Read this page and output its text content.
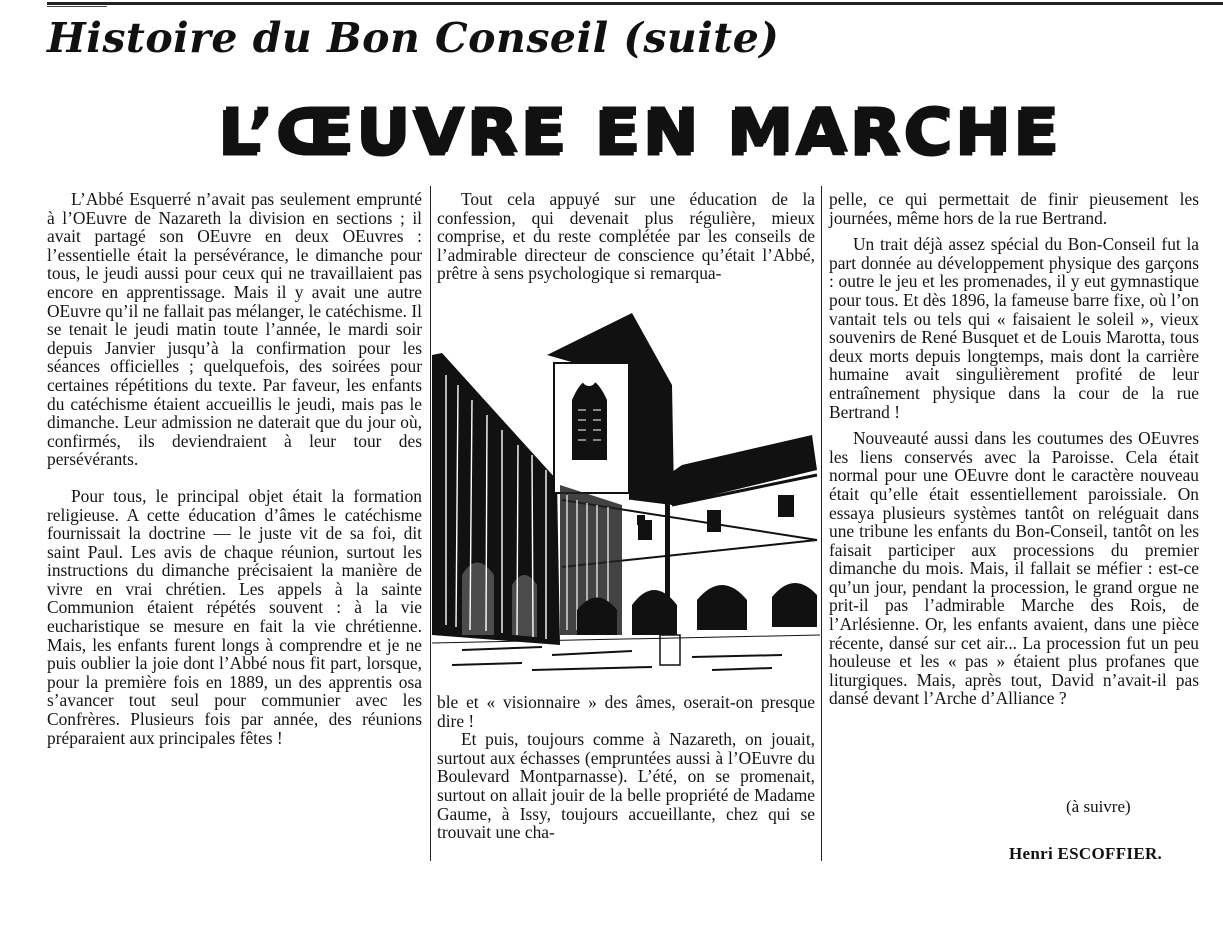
Histoire du Bon Conseil (suite)
L’ŒUVRE EN MARCHE

L’Abbé Esquerré n’avait pas seulement emprunté à l’OEuvre de Nazareth la division en sections ; il avait partagé son OEuvre en deux OEuvres : l’essentielle était la persévérance, le dimanche pour tous, le jeudi aussi pour ceux qui ne travaillaient pas encore en apprentissage. Mais il y avait une autre OEuvre qu’il ne fallait pas mélanger, le catéchisme. Il se tenait le jeudi matin toute l’année, le mardi soir depuis Janvier jusqu’à la confirmation pour les séances officielles ; quelquefois, des soirées pour certaines répétitions du texte. Par faveur, les enfants du catéchisme étaient accueillis le jeudi, mais pas le dimanche. Leur admission ne daterait que du jour où, confirmés, ils deviendraient à leur tour des persévérants.

Pour tous, le principal objet était la formation religieuse. A cette éducation d’âmes le catéchisme fournissait la doctrine — le juste vit de sa foi, dit saint Paul. Les avis de chaque réunion, surtout les instructions du dimanche précisaient la manière de vivre en vrai chrétien. Les appels à la sainte Communion étaient répétés souvent : à la vie eucharistique se mesure en fait la vie chrétienne. Mais, les enfants furent longs à comprendre et je ne puis oublier la joie dont l’Abbé nous fit part, lorsque, pour la première fois en 1889, un des apprentis osa s’avancer tout seul pour communier avec les Confrères. Plusieurs fois par année, des réunions préparaient aux principales fêtes !

Tout cela appuyé sur une éducation de la confession, qui devenait plus régulière, mieux comprise, et du reste complétée par les conseils de l’admirable directeur de conscience qu’était l’Abbé, prêtre à sens psychologique si remarqua-

ble et « visionnaire » des âmes, oserait-on presque dire !

Et puis, toujours comme à Nazareth, on jouait, surtout aux échasses (empruntées aussi à l’OEuvre du Boulevard Montparnasse). L’été, on se promenait, surtout on allait jouir de la belle propriété de Madame Gaume, à Issy, toujours accueillante, chez qui se trouvait une cha-

pelle, ce qui permettait de finir pieusement les journées, même hors de la rue Bertrand.

Un trait déjà assez spécial du Bon-Conseil fut la part donnée au développement physique des garçons : outre le jeu et les promenades, il y eut gymnastique pour tous. Et dès 1896, la fameuse barre fixe, où l’on vantait tels ou tels qui « faisaient le soleil », vieux souvenirs de René Busquet et de Louis Marotta, tous deux morts depuis longtemps, mais dont la carrière humaine avait singulièrement profité de leur entraînement physique dans la cour de la rue Bertrand !

Nouveauté aussi dans les coutumes des OEuvres les liens conservés avec la Paroisse. Cela était normal pour une OEuvre dont le caractère nouveau était qu’elle était essentiellement paroissiale. On essaya plusieurs systèmes tantôt on reléguait dans une tribune les enfants du Bon-Conseil, tantôt on les faisait participer aux processions du premier dimanche du mois. Mais, il fallait se méfier : est-ce qu’un jour, pendant la procession, le grand orgue ne prit-il pas l’admirable Marche des Rois, de l’Arlésienne. Or, les enfants avaient, dans une pièce récente, dansé sur cet air... La procession fut un peu houleuse et les « pas » étaient plus profanes que liturgiques. Mais, après tout, David n’avait-il pas dansé devant l’Arche d’Alliance ?

(à suivre)
Henri ESCOFFIER.
